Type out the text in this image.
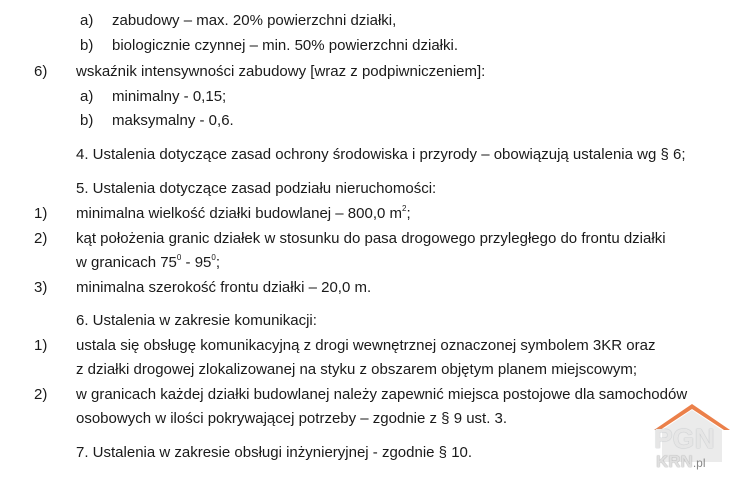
a) zabudowy – max. 20% powierzchni działki,
b) biologicznie czynnej – min. 50% powierzchni działki.
6) wskaźnik intensywności zabudowy [wraz z podpiwniczeniem]:
a) minimalny - 0,15;
b) maksymalny - 0,6.
4. Ustalenia dotyczące zasad ochrony środowiska i przyrody – obowiązują ustalenia wg § 6;
5. Ustalenia dotyczące zasad podziału nieruchomości:
1) minimalna wielkość działki budowlanej – 800,0 $m^2$;
2) kąt położenia granic działek w stosunku do pasa drogowego przyległego do frontu działki
w granicach $75^0 - 95^0$;
3) minimalna szerokość frontu działki – 20,0 m.
6. Ustalenia w zakresie komunikacji:
1) ustala się obsługę komunikacyjną z drogi wewnętrznej oznaczonej symbolem 3KR oraz
z działki drogowej zlokalizowanej na styku z obszarem objętym planem miejscowym;
2) w granicach każdej działki budowlanej należy zapewnić miejsca postojowe dla samochodów
osobowych w ilości pokrywającej potrzeby – zgodnie z § 9 ust. 3.
7. Ustalenia w zakresie obsługi inżynieryjnej - zgodnie § 10.	PGN
KRN.pl
